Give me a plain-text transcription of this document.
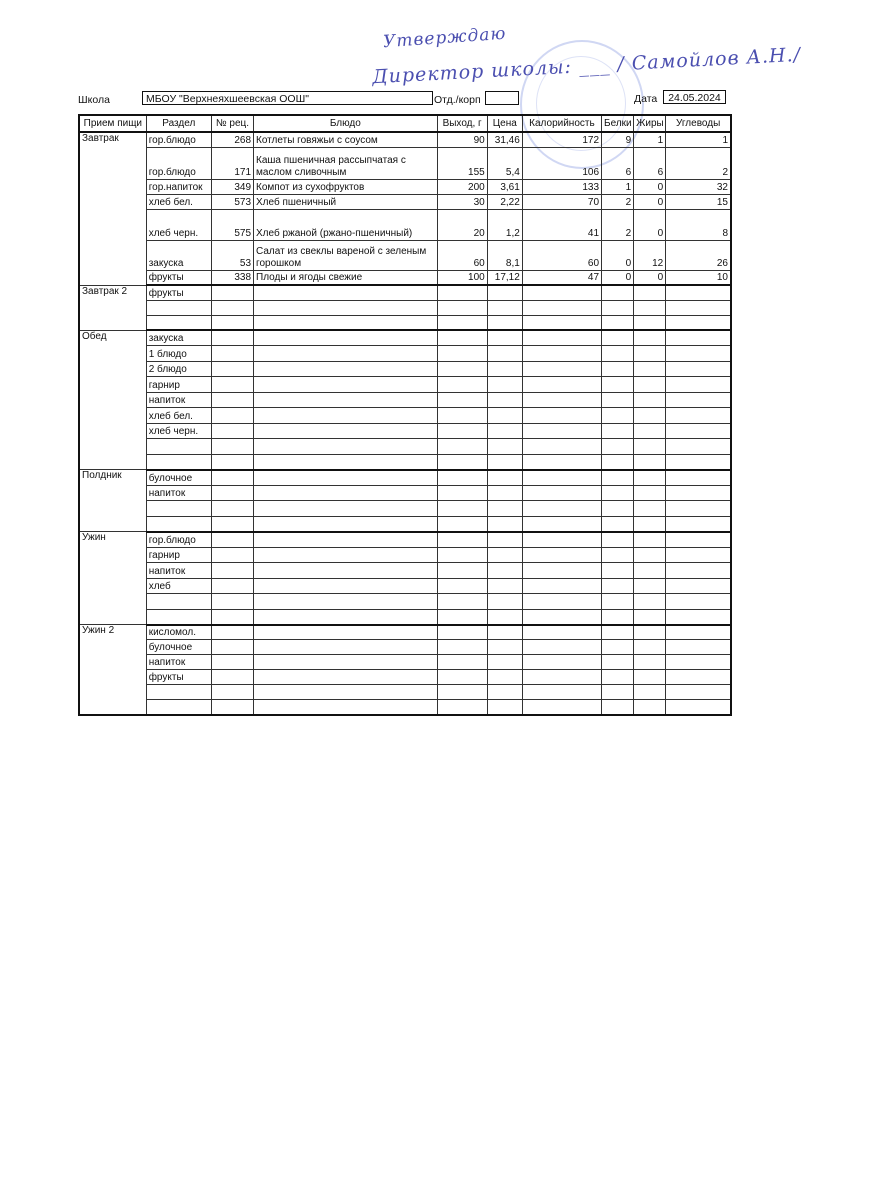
Утверждаю
Директор школы: ___ / Самойлов А.Н./
Школа	МБОУ "Верхнеяхшеевская ООШ"	Отд./корп	Дата	24.05.2024
Прием пищи	Раздел	№ рец.	Блюдо	Выход, г	Цена	Калорийность	Белки	Жиры	Углеводы
Завтрак	гор.блюдо	268	Котлеты говяжьи с соусом	90	31,46	172	9	1	1
	гор.блюдо	171	Каша пшеничная рассыпчатая с маслом сливочным	155	5,4	106	6	6	2
	гор.напиток	349	Компот из сухофруктов	200	3,61	133	1	0	32
	хлеб бел.	573	Хлеб пшеничный	30	2,22	70	2	0	15
	хлеб черн.	575	Хлеб ржаной (ржано-пшеничный)	20	1,2	41	2	0	8
	закуска	53	Салат из свеклы вареной с зеленым горошком	60	8,1	60	0	12	26
	фрукты	338	Плоды и ягоды свежие	100	17,12	47	0	0	10
Завтрак 2	фрукты								

Обед	закуска								
	1 блюдо								
	2 блюдо								
	гарнир								
	напиток								
	хлеб бел.								
	хлеб черн.								

Полдник	булочное								
	напиток								

Ужин	гор.блюдо								
	гарнир								
	напиток								
	хлеб								

Ужин 2	кисломол.								
	булочное								
	напиток								
	фрукты								
